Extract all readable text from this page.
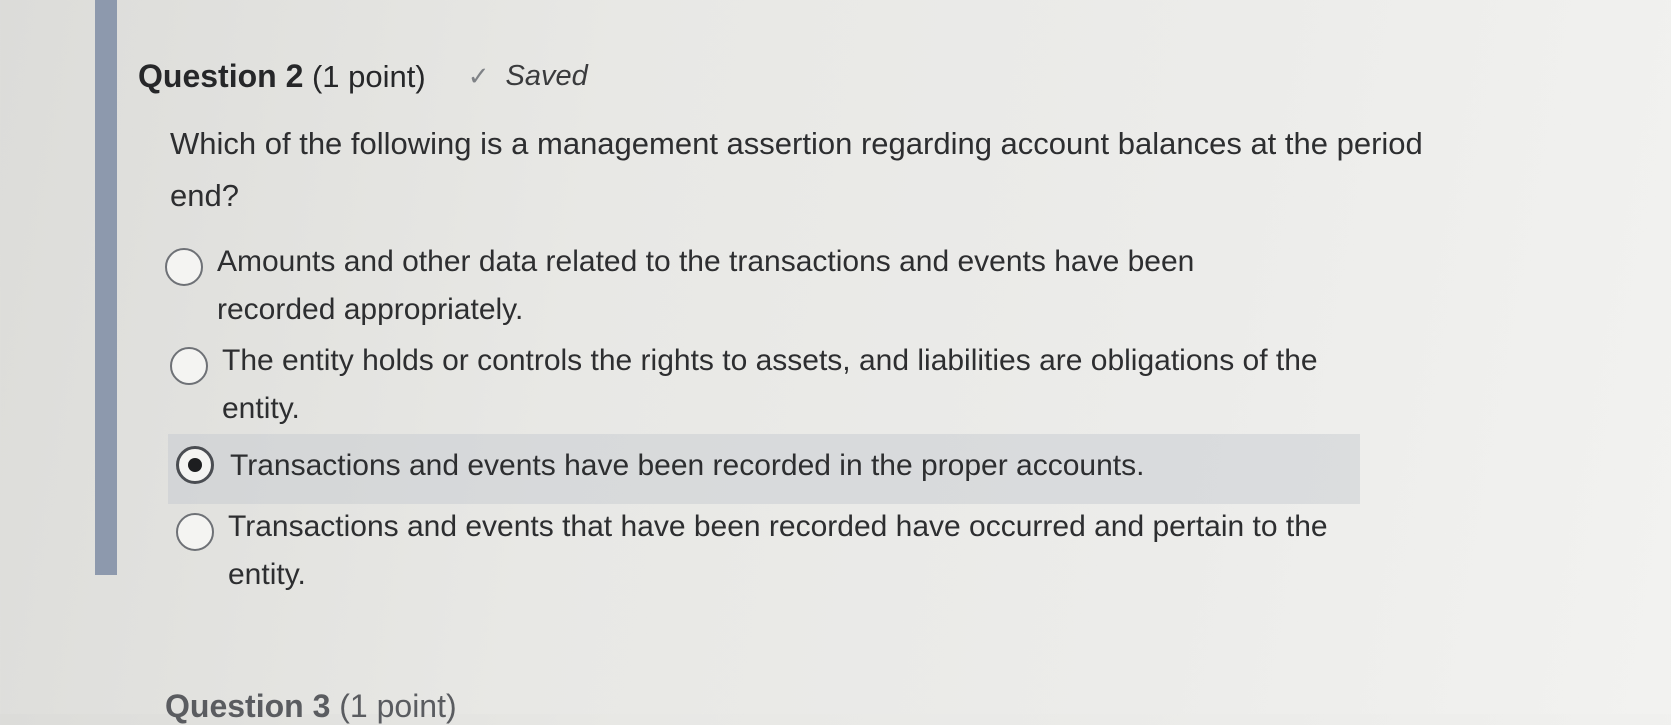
Question 2 (1 point) ✓ Saved
Which of the following is a management assertion regarding account balances at the period end?
Amounts and other data related to the transactions and events have been recorded appropriately.
The entity holds or controls the rights to assets, and liabilities are obligations of the entity.
Transactions and events have been recorded in the proper accounts.
Transactions and events that have been recorded have occurred and pertain to the entity.
Question 3 (1 point)
